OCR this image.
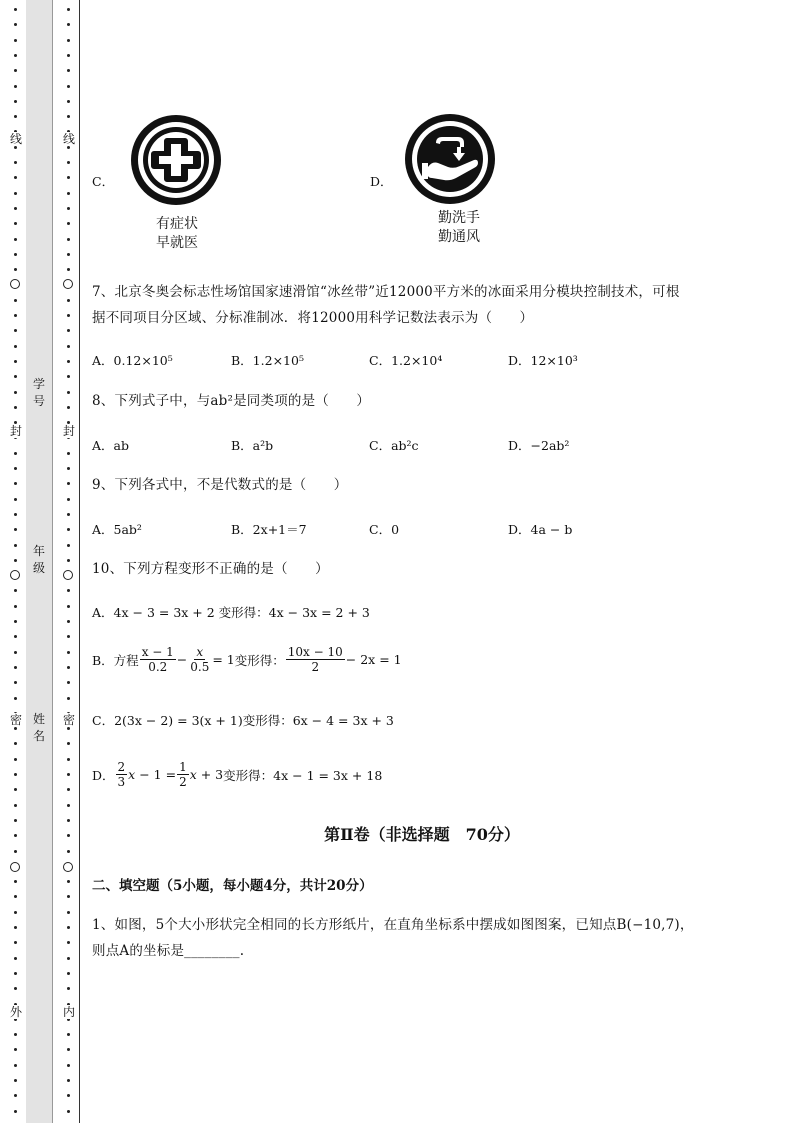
线
封
密
外
线
封
密
内
学号
年级
姓名
C．
有症状
早就医
D．
勤洗手
勤通风
7、北京冬奥会标志性场馆国家速滑馆“冰丝带”近12000平方米的冰面采用分模块控制技术，可根
据不同项目分区域、分标准制冰．将12000用科学记数法表示为（　　）
A．0.12×10⁵	B．1.2×10⁵	C．1.2×10⁴	D．12×10³
8、下列式子中，与ab²是同类项的是（　　）
A．ab	B．a²b	C．ab²c	D．−2ab²
9、下列各式中，不是代数式的是（　　）
A．5ab²	B．2x+1＝7	C．0	D．4a − b
10、下列方程变形不正确的是（　　）
A．4x − 3 = 3x + 2 变形得：4x − 3x = 2 + 3
B．方程 $\frac{x - 1}{0.2} - \frac{x}{0.5} = 1$ 变形得： $\frac{10x - 10}{2} - 2x = 1$
C．2(3x − 2) = 3(x + 1)变形得：6x − 4 = 3x + 3
D． $\frac{2}{3}$ $x - 1 = \frac{1}{2}$ x + 3 变形得：4x − 1 = 3x + 18
第Ⅱ卷（非选择题　70分）
二、填空题（5小题，每小题4分，共计20分）
1、如图，5个大小形状完全相同的长方形纸片，在直角坐标系中摆成如图图案，已知点B(−10,7)，
则点A的坐标是________.
